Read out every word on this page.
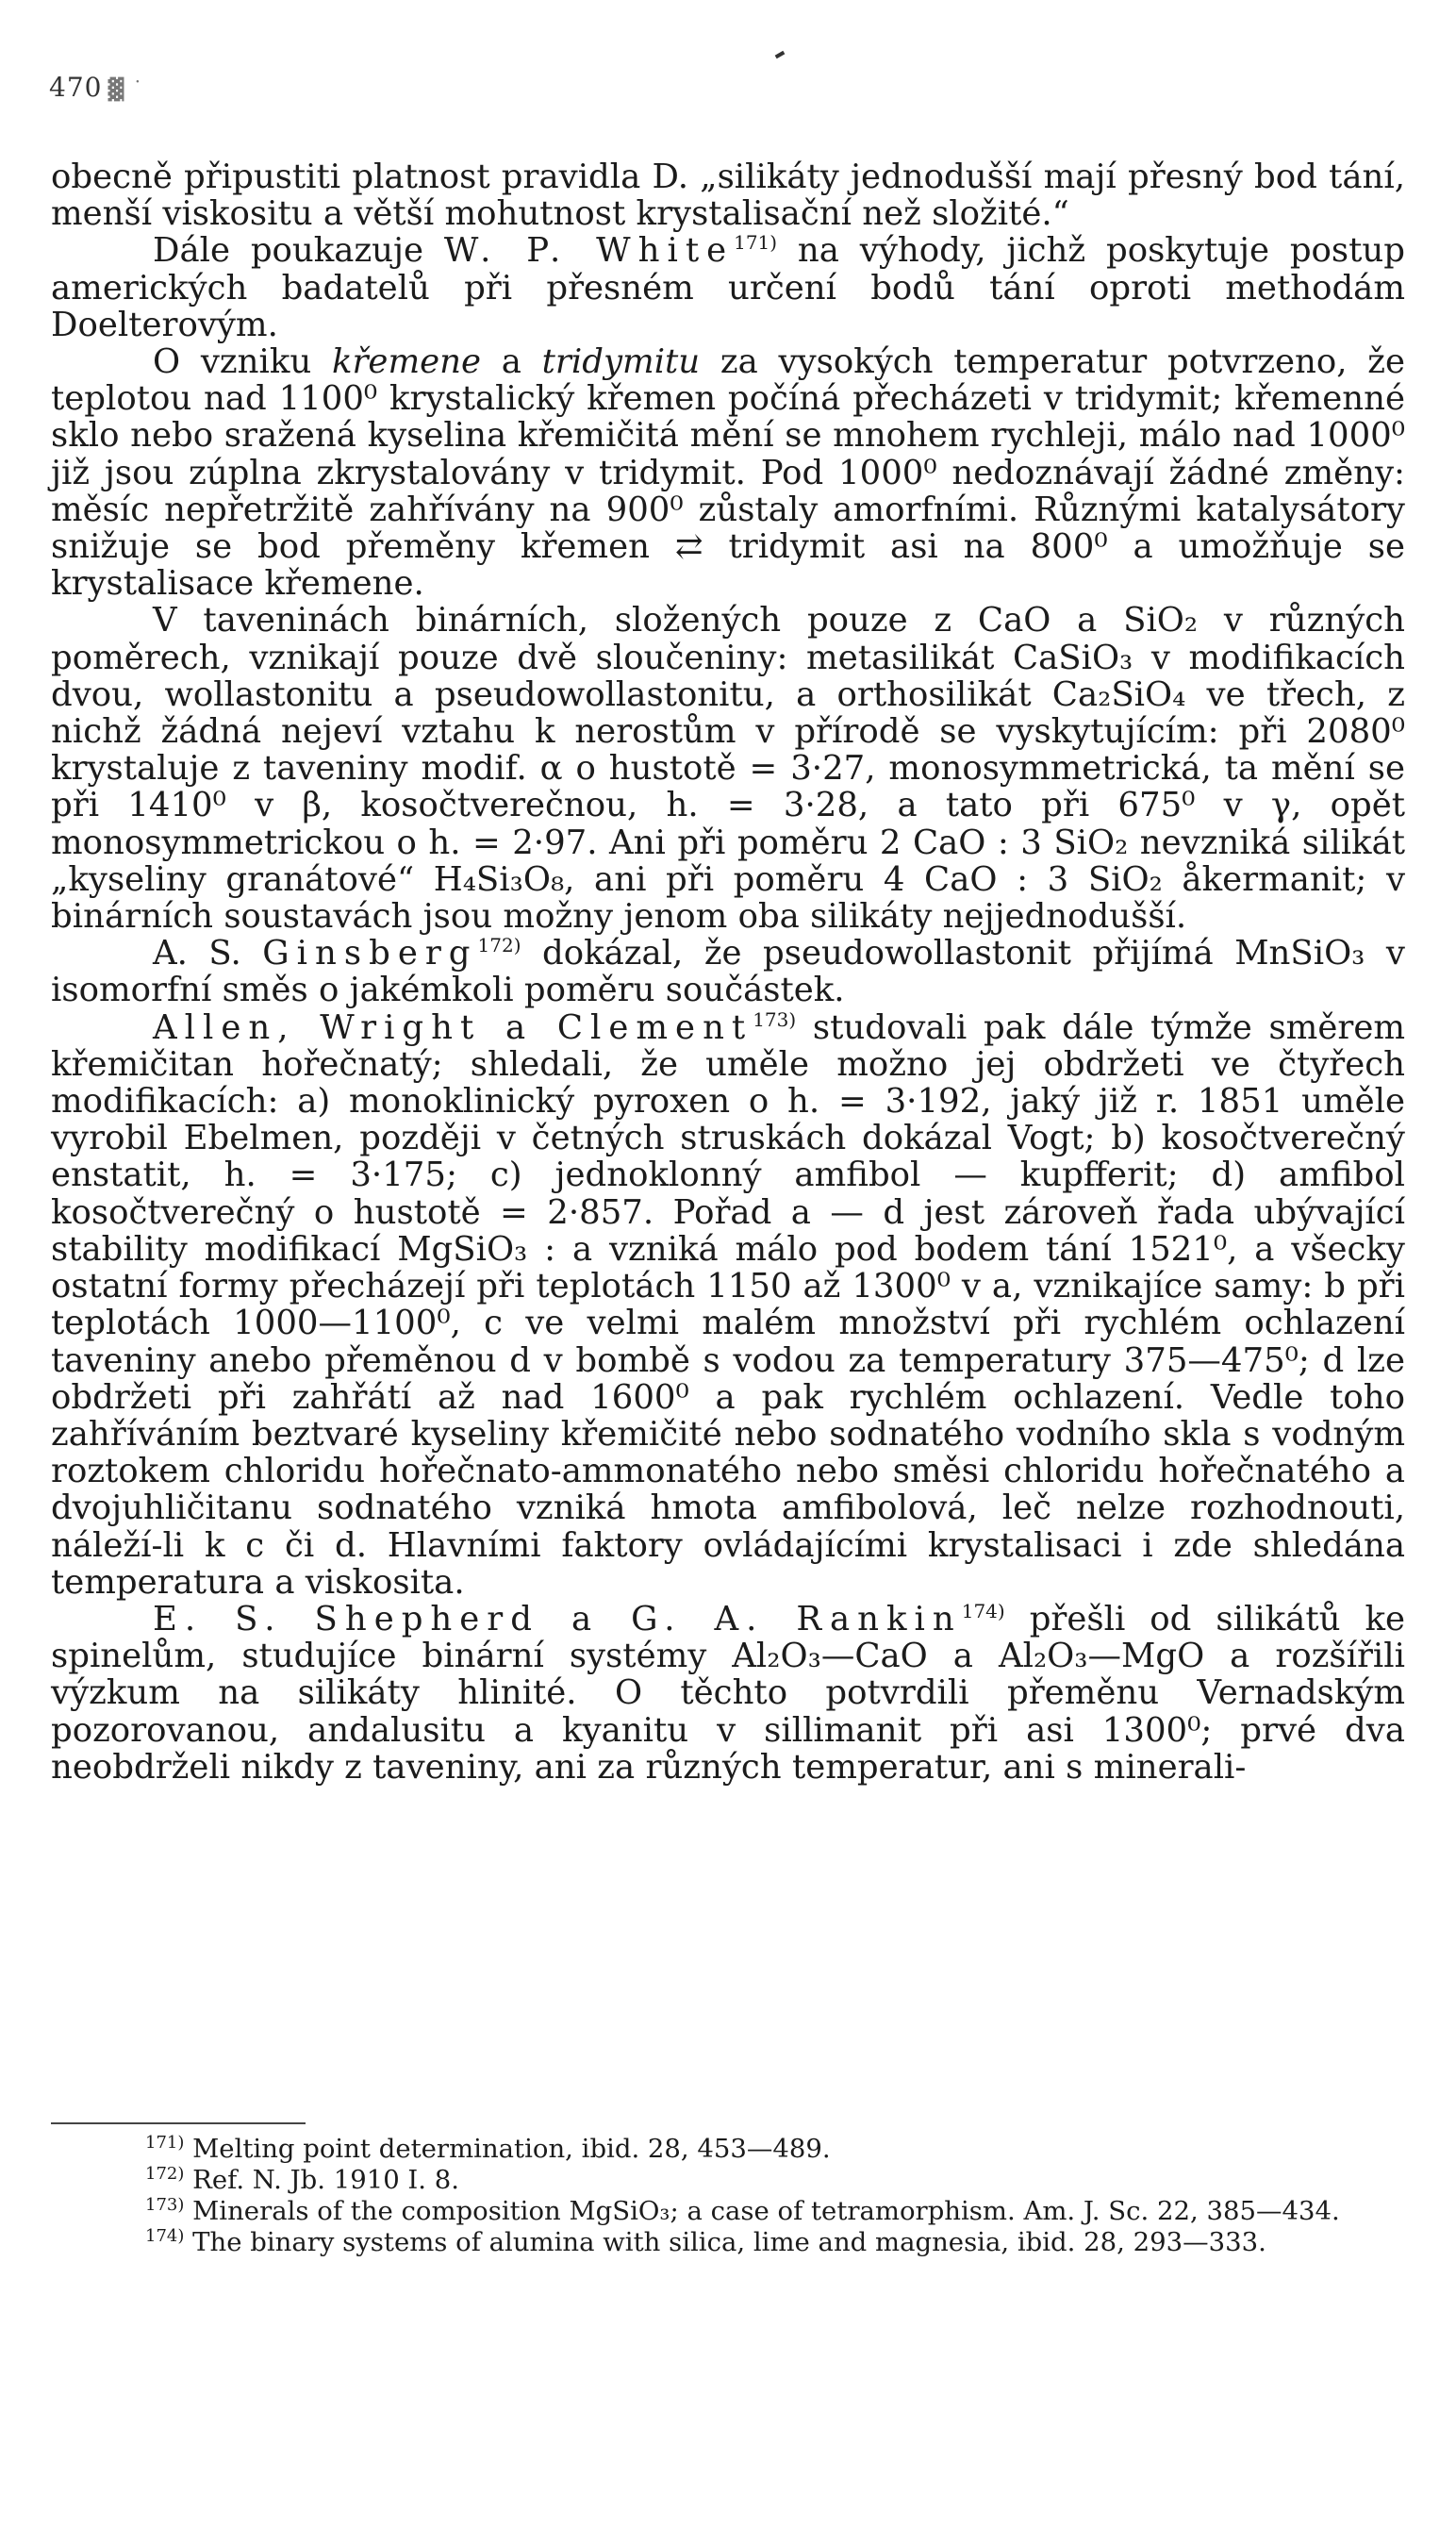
470 ▓ ˙

obecně připustiti platnost pravidla D. „silikáty jednodušší mají přesný bod tání, menší viskositu a větší mohutnost krystalisační než složité.“

Dále poukazuje W. P. White$^{171)}$ na výhody, jichž poskytuje postup amerických badatelů při přesném určení bodů tání oproti methodám Doelterovým.

O vzniku křemene a tridymitu za vysokých temperatur potvrzeno, že teplotou nad 1100⁰ krystalický křemen počíná přecházeti v tridymit; křemenné sklo nebo sražená kyselina křemičitá mění se mnohem rychleji, málo nad 1000⁰ již jsou zúplna zkrystalovány v tridymit. Pod 1000⁰ nedoznávají žádné změny: měsíc nepřetržitě zahřívány na 900⁰ zůstaly amorfními. Různými katalysátory snižuje se bod přeměny křemen ⇄ tridymit asi na 800⁰ a umožňuje se krystalisace křemene.

V taveninách binárních, složených pouze z CaO a SiO₂ v různých poměrech, vznikají pouze dvě sloučeniny: metasilikát CaSiO₃ v modifikacích dvou, wollastonitu a pseudowollastonitu, a orthosilikát Ca₂SiO₄ ve třech, z nichž žádná nejeví vztahu k nerostům v přírodě se vyskytujícím: při 2080⁰ krystaluje z taveniny modif. α o hustotě = 3·27, monosymmetrická, ta mění se při 1410⁰ v β, kosočtverečnou, h. = 3·28, a tato při 675⁰ v γ, opět monosymmetrickou o h. = 2·97. Ani při poměru 2 CaO : 3 SiO₂ nevzniká silikát „kyseliny granátové“ H₄Si₃O₈, ani při poměru 4 CaO : 3 SiO₂ åkermanit; v binárních soustavách jsou možny jenom oba silikáty nejjednodušší.

A. S. Ginsberg$^{172)}$ dokázal, že pseudowollastonit přijímá MnSiO₃ v isomorfní směs o jakémkoli poměru součástek.

Allen, Wright a Clement$^{173)}$ studovali pak dále týmže směrem křemičitan hořečnatý; shledali, že uměle možno jej obdržeti ve čtyřech modifikacích: a) monoklinický pyroxen o h. = 3·192, jaký již r. 1851 uměle vyrobil Ebelmen, později v četných struskách dokázal Vogt; b) kosočtverečný enstatit, h. = 3·175; c) jednoklonný amfibol — kupfferit; d) amfibol kosočtverečný o hustotě = 2·857. Pořad a — d jest zároveň řada ubývající stability modifikací MgSiO₃ : a vzniká málo pod bodem tání 1521⁰, a všecky ostatní formy přecházejí při teplotách 1150 až 1300⁰ v a, vznikajíce samy: b při teplotách 1000—1100⁰, c ve velmi malém množství při rychlém ochlazení taveniny anebo přeměnou d v bombě s vodou za temperatury 375—475⁰; d lze obdržeti při zahřátí až nad 1600⁰ a pak rychlém ochlazení. Vedle toho zahříváním beztvaré kyseliny křemičité nebo sodnatého vodního skla s vodným roztokem chloridu hořečnato-ammonatého nebo směsi chloridu hořečnatého a dvojuhličitanu sodnatého vzniká hmota amfibolová, leč nelze rozhodnouti, náleží-li k c či d. Hlavními faktory ovládajícími krystalisaci i zde shledána temperatura a viskosita.

E. S. Shepherd a G. A. Rankin$^{174)}$ přešli od silikátů ke spinelům, studujíce binární systémy Al₂O₃—CaO a Al₂O₃—MgO a rozšířili výzkum na silikáty hlinité. O těchto potvrdili přeměnu Vernadským pozorovanou, andalusitu a kyanitu v sillimanit při asi 1300⁰; prvé dva neobdrželi nikdy z taveniny, ani za různých temperatur, ani s minerali-

$^{171)}$ Melting point determination, ibid. 28, 453—489.

$^{172)}$ Ref. N. Jb. 1910 I. 8.

$^{173)}$ Minerals of the composition MgSiO₃; a case of tetramorphism. Am. J. Sc. 22, 385—434.

$^{174)}$ The binary systems of alumina with silica, lime and magnesia, ibid. 28, 293—333.
